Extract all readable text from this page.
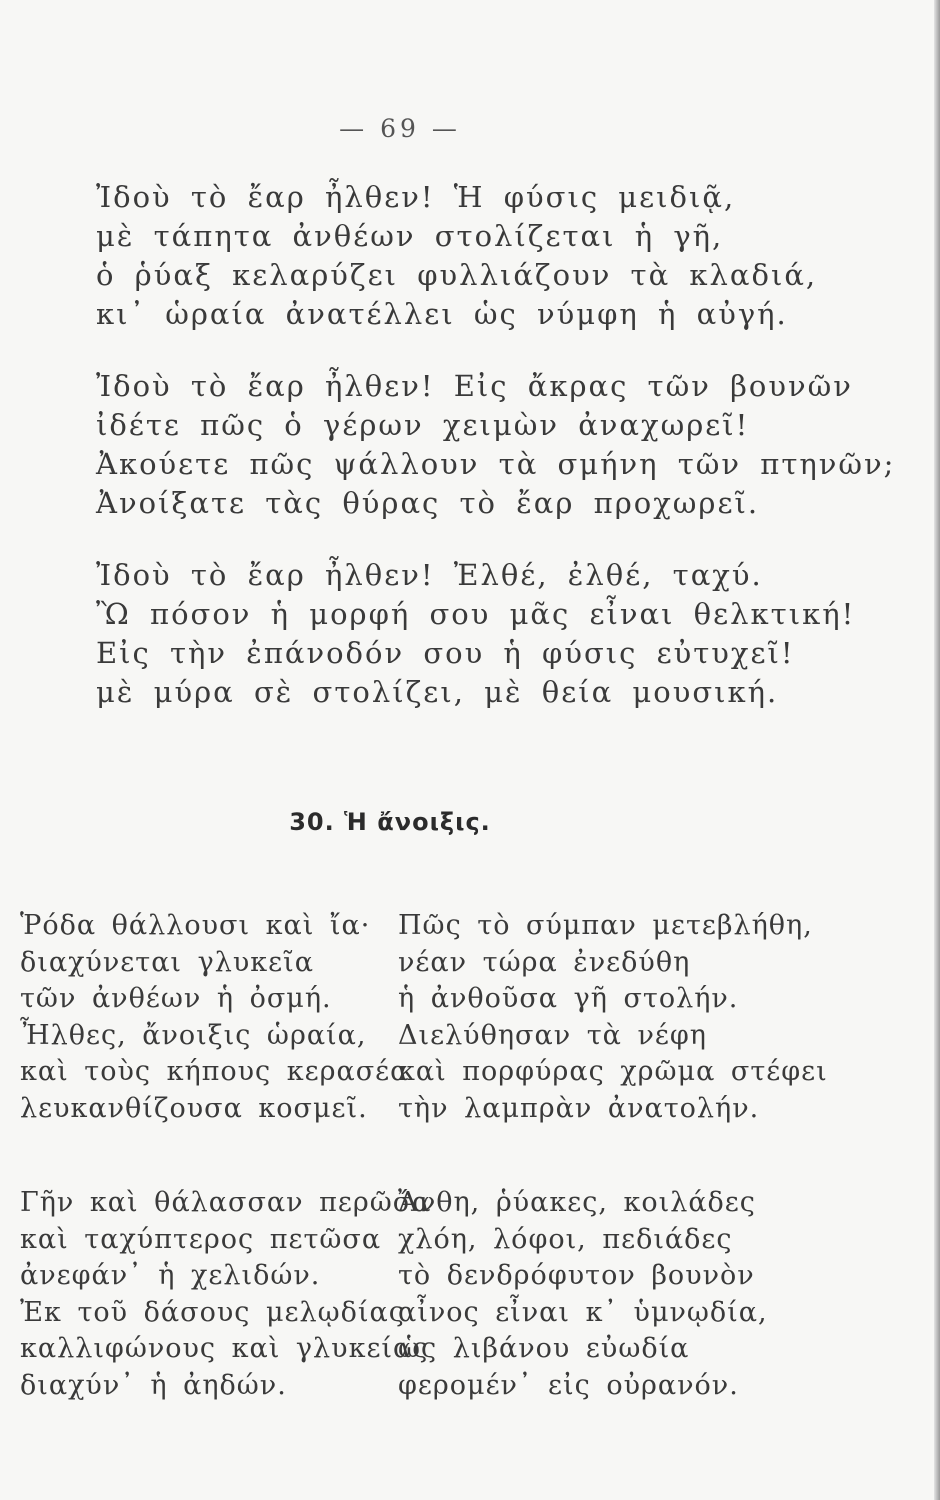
— 69 —
Ἰδοὺ τὸ ἔαρ ἦλθεν! Ἡ φύσις μειδιᾷ,
μὲ τάπητα ἀνθέων στολίζεται ἡ γῆ,
ὁ ῥύαξ κελαρύζει φυλλιάζουν τὰ κλαδιά,
κι᾽ ὡραία ἀνατέλλει ὡς νύμφη ἡ αὐγή.
Ἰδοὺ τὸ ἔαρ ἦλθεν! Εἰς ἄκρας τῶν βουνῶν
ἰδέτε πῶς ὁ γέρων χειμὼν ἀναχωρεῖ!
Ἀκούετε πῶς ψάλλουν τὰ σμήνη τῶν πτηνῶν;
Ἀνοίξατε τὰς θύρας τὸ ἔαρ προχωρεῖ.
Ἰδοὺ τὸ ἔαρ ἦλθεν! Ἐλθέ, ἐλθέ, ταχύ.
Ὢ πόσον ἡ μορφή σου μᾶς εἶναι θελκτική!
Εἰς τὴν ἐπάνοδόν σου ἡ φύσις εὐτυχεῖ!
μὲ μύρα σὲ στολίζει, μὲ θεία μουσική.
30. Ἡ ἄνοιξις.
Ῥόδα θάλλουσι καὶ ἴα·
διαχύνεται γλυκεῖα
τῶν ἀνθέων ἡ ὀσμή.
Ἦλθες, ἄνοιξις ὡραία,
καὶ τοὺς κήπους κερασέα
λευκανθίζουσα κοσμεῖ.
Πῶς τὸ σύμπαν μετεβλήθη,
νέαν τώρα ἐνεδύθη
ἡ ἀνθοῦσα γῆ στολήν.
Διελύθησαν τὰ νέφη
καὶ πορφύρας χρῶμα στέφει
τὴν λαμπρὰν ἀνατολήν.
Γῆν καὶ θάλασσαν περῶσα
καὶ ταχύπτερος πετῶσα
ἀνεφάν᾽ ἡ χελιδών.
Ἐκ τοῦ δάσους μελῳδίας
καλλιφώνους καὶ γλυκείας
διαχύν᾽ ἡ ἀηδών.
Ἄνθη, ῥύακες, κοιλάδες
χλόη, λόφοι, πεδιάδες
τὸ δενδρόφυτον βουνὸν
αἶνος εἶναι κ᾽ ὑμνῳδία,
ὡς λιβάνου εὐωδία
φερομέν᾽ εἰς οὐρανόν.
